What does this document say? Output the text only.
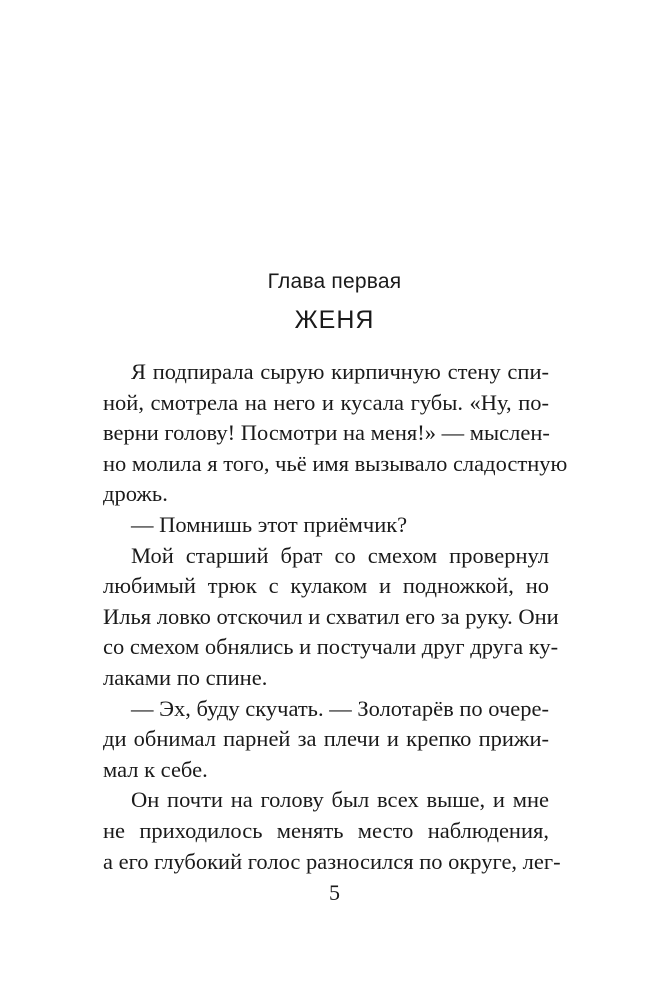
Глава первая
ЖЕНЯ
Я подпирала сырую кирпичную стену спи-
ной, смотрела на него и кусала губы. «Ну, по-
верни голову! Посмотри на меня!» — мыслен-
но молила я того, чьё имя вызывало сладостную
дрожь.
— Помнишь этот приёмчик?
Мой старший брат со смехом провернул
любимый трюк с кулаком и подножкой, но
Илья ловко отскочил и схватил его за руку. Они
со смехом обнялись и постучали друг друга ку-
лаками по спине.
— Эх, буду скучать. — Золотарёв по очере-
ди обнимал парней за плечи и крепко прижи-
мал к себе.
Он почти на голову был всех выше, и мне
не приходилось менять место наблюдения,
а его глубокий голос разносился по округе, лег-
5
